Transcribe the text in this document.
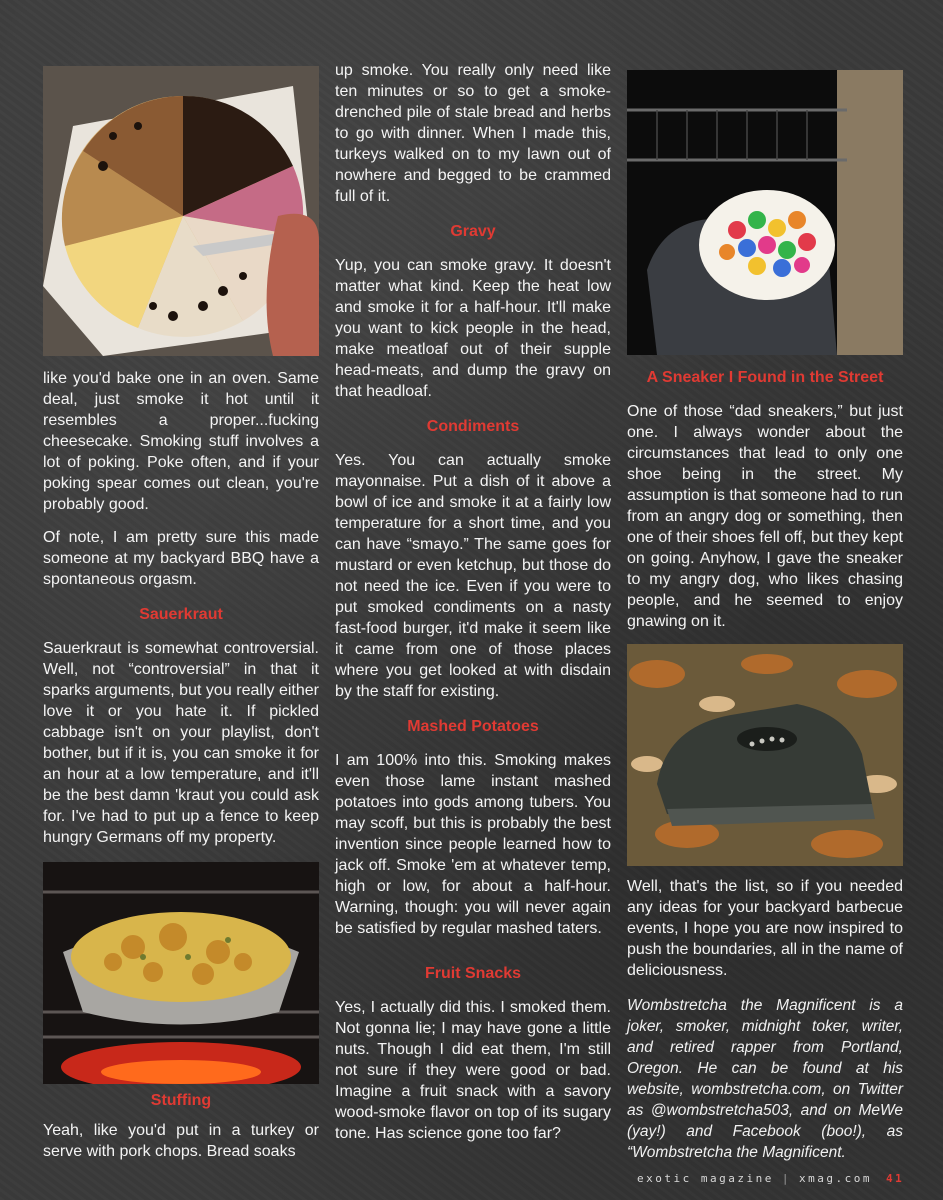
like you'd bake one in an oven. Same deal, just smoke it hot until it resembles a proper...fucking cheesecake. Smoking stuff involves a lot of poking. Poke often, and if your poking spear comes out clean, you're probably good.

Of note, I am pretty sure this made someone at my backyard BBQ have a spontaneous orgasm.

Sauerkraut

Sauerkraut is somewhat controversial. Well, not “controversial” in that it sparks arguments, but you really either love it or you hate it. If pickled cabbage isn't on your playlist, don't bother, but if it is, you can smoke it for an hour at a low temperature, and it'll be the best damn 'kraut you could ask for. I've had to put up a fence to keep hungry Germans off my property.

Stuffing

Yeah, like you'd put in a turkey or serve with pork chops. Bread soaks

up smoke. You really only need like ten minutes or so to get a smoke-drenched pile of stale bread and herbs to go with dinner. When I made this, turkeys walked on to my lawn out of nowhere and begged to be crammed full of it.

Gravy

Yup, you can smoke gravy. It doesn't matter what kind. Keep the heat low and smoke it for a half-hour. It'll make you want to kick people in the head, make meatloaf out of their supple head-meats, and dump the gravy on that headloaf.

Condiments

Yes. You can actually smoke mayonnaise. Put a dish of it above a bowl of ice and smoke it at a fairly low temperature for a short time, and you can have “smayo.” The same goes for mustard or even ketchup, but those do not need the ice. Even if you were to put smoked condiments on a nasty fast-food burger, it'd make it seem like it came from one of those places where you get looked at with disdain by the staff for existing.

Mashed Potatoes

I am 100% into this. Smoking makes even those lame instant mashed potatoes into gods among tubers. You may scoff, but this is probably the best invention since people learned how to jack off. Smoke 'em at whatever temp, high or low, for about a half-hour. Warning, though: you will never again be satisfied by regular mashed taters.

Fruit Snacks

Yes, I actually did this. I smoked them. Not gonna lie; I may have gone a little nuts. Though I did eat them, I'm still not sure if they were good or bad. Imagine a fruit snack with a savory wood-smoke flavor on top of its sugary tone. Has science gone too far?

A Sneaker I Found in the Street

One of those “dad sneakers,” but just one. I always wonder about the circumstances that lead to only one shoe being in the street. My assumption is that someone had to run from an angry dog or something, then one of their shoes fell off, but they kept on going. Anyhow, I gave the sneaker to my angry dog, who likes chasing people, and he seemed to enjoy gnawing on it.

Well, that's the list, so if you needed any ideas for your backyard barbecue events, I hope you are now inspired to push the boundaries, all in the name of deliciousness.

Wombstretcha the Magnificent is a joker, smoker, midnight toker, writer, and retired rapper from Portland, Oregon. He can be found at his website, wombstretcha.com, on Twitter as @wombstretcha503, and on MeWe (yay!) and Facebook (boo!), as “Wombstretcha the Magnificent.

exotic magazine | xmag.com 41
